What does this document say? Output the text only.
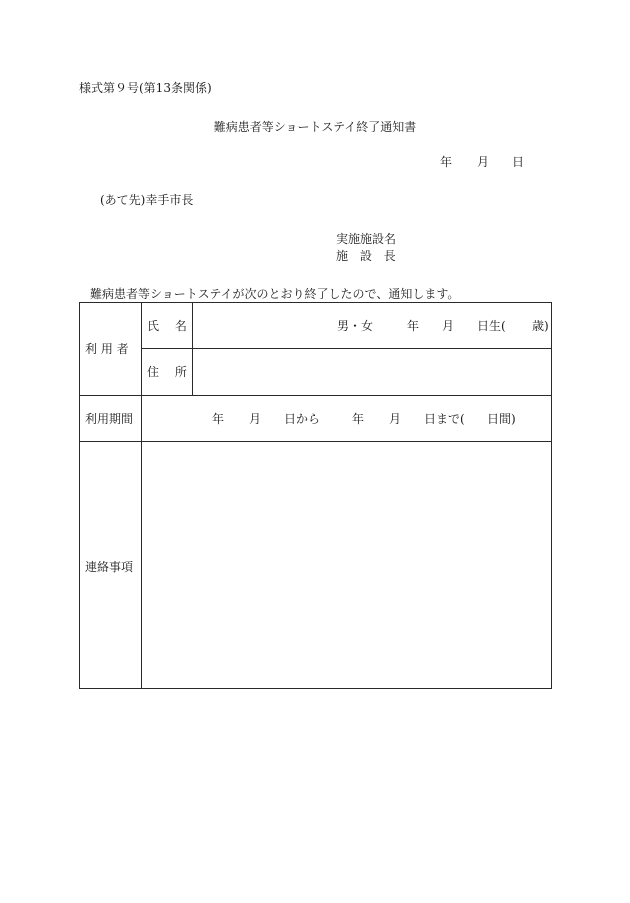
様式第９号(第13条関係)
難病患者等ショートステイ終了通知書
年 月 日
(あて先)幸手市長
実施施設名
施 設 長
難病患者等ショートステイが次のとおり終了したので、通知します。
利 用 者
氏 名	男・女	年 月 日生( 歳)
住 所
利用期間	年 月 日から	年 月 日まで( 日間)
連絡事項
